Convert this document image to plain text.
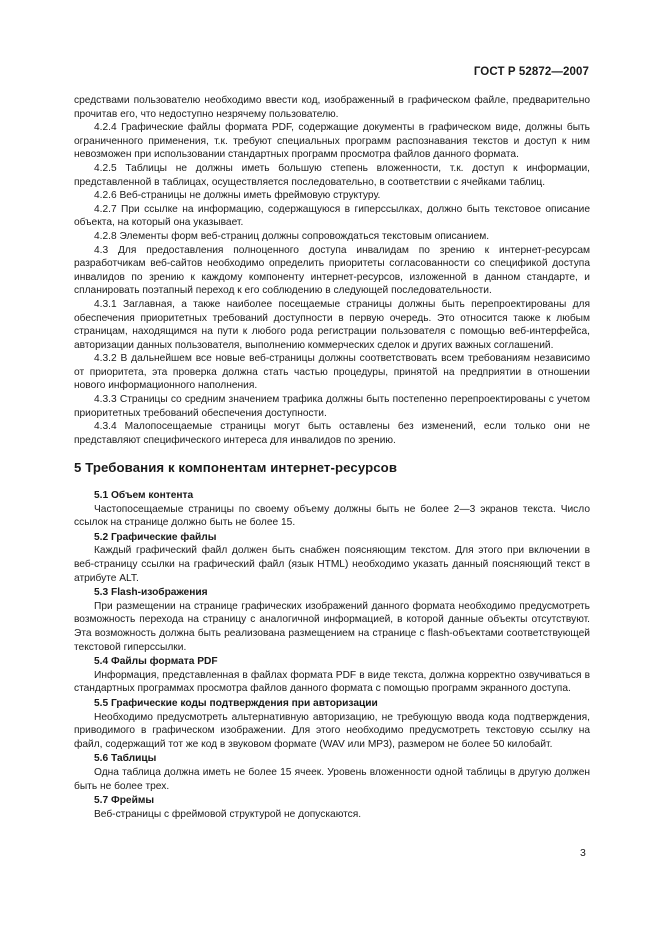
ГОСТ Р 52872—2007

средствами пользователю необходимо ввести код, изображенный в графическом файле, предварительно прочитав его, что недоступно незрячему пользователю.

4.2.4 Графические файлы формата PDF, содержащие документы в графическом виде, должны быть ограниченного применения, т.к. требуют специальных программ распознавания текстов и доступ к ним невозможен при использовании стандартных программ просмотра файлов данного формата.

4.2.5 Таблицы не должны иметь большую степень вложенности, т.к. доступ к информации, представленной в таблицах, осуществляется последовательно, в соответствии с ячейками таблиц.

4.2.6 Веб-страницы не должны иметь фреймовую структуру.

4.2.7 При ссылке на информацию, содержащуюся в гиперссылках, должно быть текстовое описание объекта, на который она указывает.

4.2.8 Элементы форм веб-страниц должны сопровождаться текстовым описанием.

4.3 Для предоставления полноценного доступа инвалидам по зрению к интернет-ресурсам разработчикам веб-сайтов необходимо определить приоритеты согласованности со спецификой доступа инвалидов по зрению к каждому компоненту интернет-ресурсов, изложенной в данном стандарте, и спланировать поэтапный переход к его соблюдению в следующей последовательности.

4.3.1 Заглавная, а также наиболее посещаемые страницы должны быть перепроектированы для обеспечения приоритетных требований доступности в первую очередь. Это относится также к любым страницам, находящимся на пути к любого рода регистрации пользователя с помощью веб-интерфейса, авторизации данных пользователя, выполнению коммерческих сделок и других важных соглашений.

4.3.2 В дальнейшем все новые веб-страницы должны соответствовать всем требованиям независимо от приоритета, эта проверка должна стать частью процедуры, принятой на предприятии в отношении нового информационного наполнения.

4.3.3 Страницы со средним значением трафика должны быть постепенно перепроектированы с учетом приоритетных требований обеспечения доступности.

4.3.4 Малопосещаемые страницы могут быть оставлены без изменений, если только они не представляют специфического интереса для инвалидов по зрению.

5 Требования к компонентам интернет-ресурсов

5.1 Объем контента

Частопосещаемые страницы по своему объему должны быть не более 2—3 экранов текста. Число ссылок на странице должно быть не более 15.

5.2 Графические файлы

Каждый графический файл должен быть снабжен поясняющим текстом. Для этого при включении в веб-страницу ссылки на графический файл (язык HTML) необходимо указать данный поясняющий текст в атрибуте ALT.

5.3 Flash-изображения

При размещении на странице графических изображений данного формата необходимо предусмотреть возможность перехода на страницу с аналогичной информацией, в которой данные объекты отсутствуют. Эта возможность должна быть реализована размещением на странице с flash-объектами соответствующей текстовой гиперссылки.

5.4 Файлы формата PDF

Информация, представленная в файлах формата PDF в виде текста, должна корректно озвучиваться в стандартных программах просмотра файлов данного формата с помощью программ экранного доступа.

5.5 Графические коды подтверждения при авторизации

Необходимо предусмотреть альтернативную авторизацию, не требующую ввода кода подтверждения, приводимого в графическом изображении. Для этого необходимо предусмотреть текстовую ссылку на файл, содержащий тот же код в звуковом формате (WAV или MP3), размером не более 50 килобайт.

5.6 Таблицы

Одна таблица должна иметь не более 15 ячеек. Уровень вложенности одной таблицы в другую должен быть не более трех.

5.7 Фреймы

Веб-страницы с фреймовой структурой не допускаются.

3
